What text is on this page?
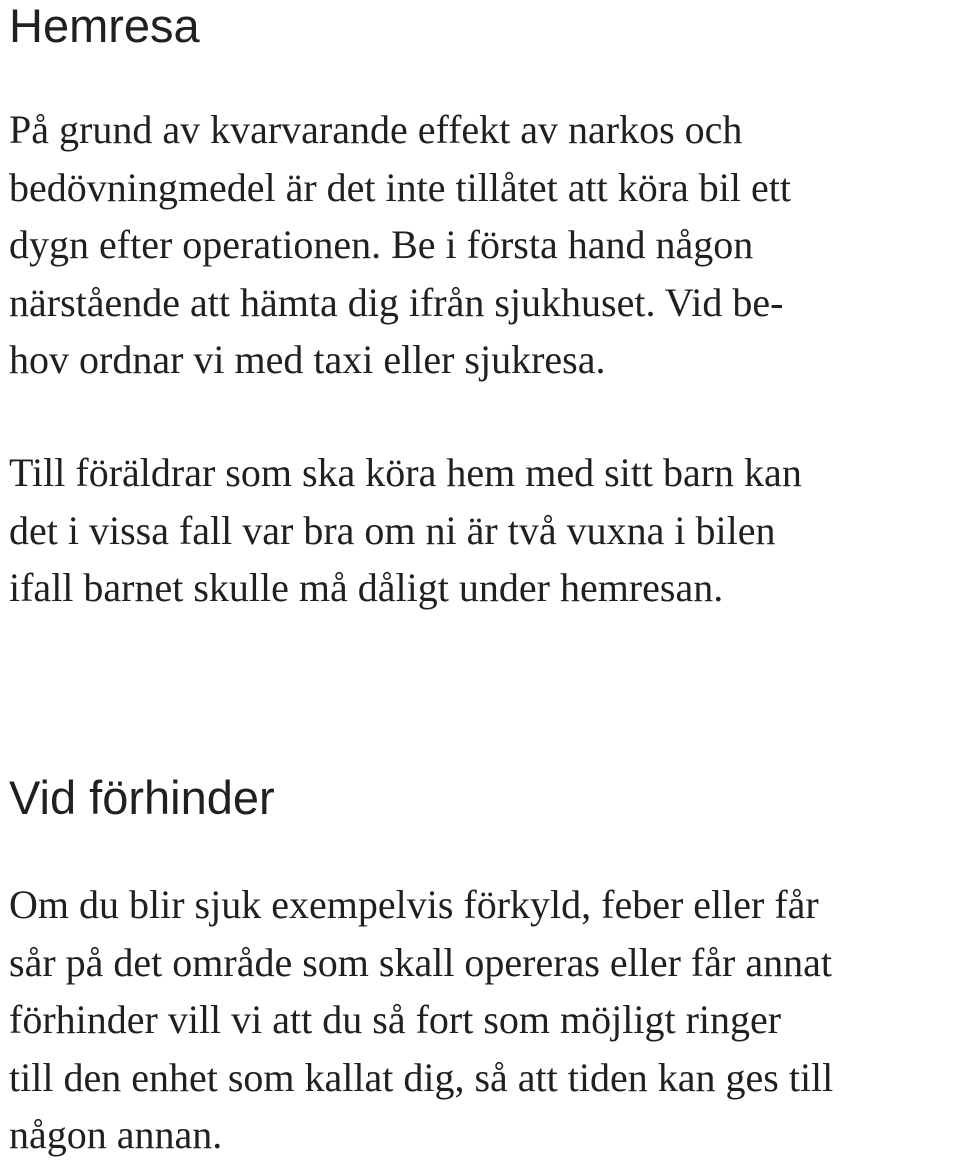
Hemresa

På grund av kvarvarande effekt av narkos och
bedövningmedel är det inte tillåtet att köra bil ett
dygn efter operationen. Be i första hand någon
närstående att hämta dig ifrån sjukhuset. Vid be-
hov ordnar vi med taxi eller sjukresa.

Till föräldrar som ska köra hem med sitt barn kan
det i vissa fall var bra om ni är två vuxna i bilen
ifall barnet skulle må dåligt under hemresan.

Vid förhinder

Om du blir sjuk exempelvis förkyld, feber eller får
sår på det område som skall opereras eller får annat
förhinder vill vi att du så fort som möjligt ringer
till den enhet som kallat dig, så att tiden kan ges till
någon annan.
